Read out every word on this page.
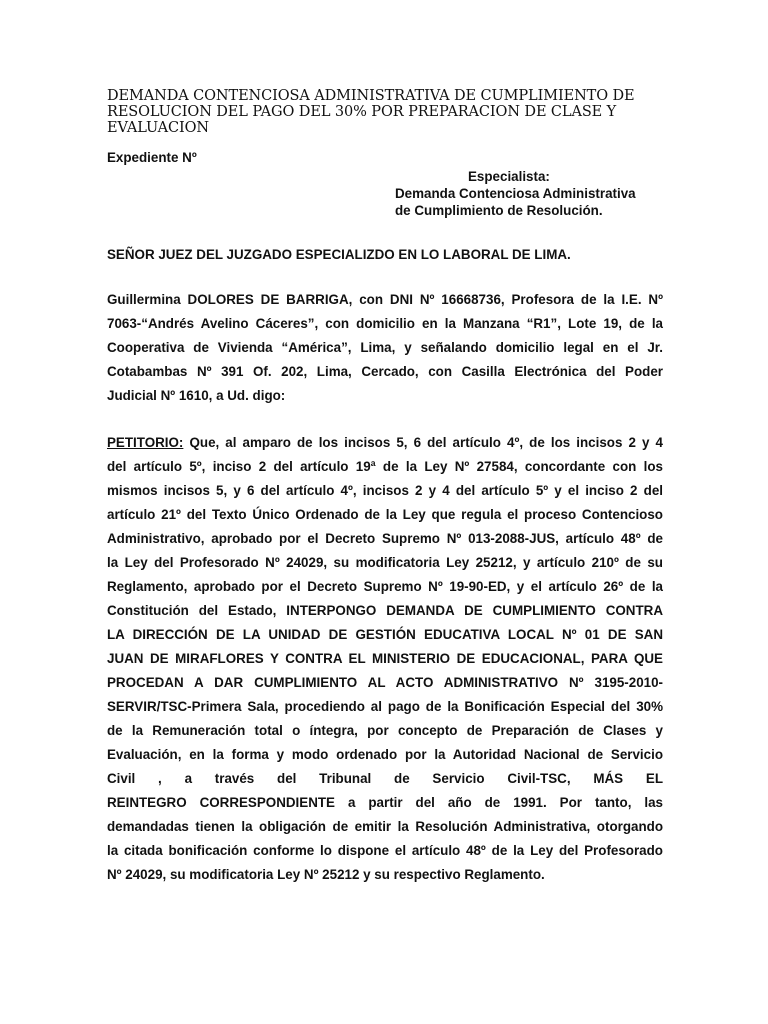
DEMANDA CONTENCIOSA ADMINISTRATIVA DE CUMPLIMIENTO DE
RESOLUCION DEL PAGO DEL 30% POR PREPARACION DE CLASE Y
EVALUACION

Expediente Nº

Especialista:
Demanda Contenciosa Administrativa
de Cumplimiento de Resolución.

SEÑOR JUEZ DEL JUZGADO ESPECIALIZDO EN LO LABORAL DE LIMA.

Guillermina DOLORES DE BARRIGA, con DNI Nº 16668736, Profesora de la I.E. Nº
7063-“Andrés Avelino Cáceres”, con domicilio en la Manzana “R1”, Lote 19, de la
Cooperativa de Vivienda “América”, Lima, y señalando domicilio legal en el Jr.
Cotabambas Nº 391 Of. 202, Lima, Cercado, con Casilla Electrónica del Poder
Judicial Nº 1610, a Ud. digo:
PETITORIO: Que, al amparo de los incisos 5, 6 del artículo 4º, de los incisos 2 y 4
del artículo 5º, inciso 2 del artículo 19ª de la Ley Nº 27584, concordante con los
mismos incisos 5, y 6 del artículo 4º, incisos 2 y 4 del artículo 5º y el inciso 2 del
artículo 21º del Texto Único Ordenado de la Ley que regula el proceso Contencioso
Administrativo, aprobado por el Decreto Supremo Nº 013-2088-JUS, artículo 48º de
la Ley del Profesorado Nº 24029, su modificatoria Ley 25212, y artículo 210º de su
Reglamento, aprobado por el Decreto Supremo Nº 19-90-ED, y el artículo 26º de la
Constitución del Estado, INTERPONGO DEMANDA DE CUMPLIMIENTO CONTRA
LA DIRECCIÓN DE LA UNIDAD DE GESTIÓN EDUCATIVA LOCAL Nº 01 DE SAN
JUAN DE MIRAFLORES Y CONTRA EL MINISTERIO DE EDUCACIONAL, PARA QUE
PROCEDAN A DAR CUMPLIMIENTO AL ACTO ADMINISTRATIVO Nº 3195-2010-
SERVIR/TSC-Primera Sala, procediendo al pago de la Bonificación Especial del 30%
de la Remuneración total o íntegra, por concepto de Preparación de Clases y
Evaluación, en la forma y modo ordenado por la Autoridad Nacional de Servicio
Civil , a través del Tribunal de Servicio Civil-TSC, MÁS EL
REINTEGRO CORRESPONDIENTE a partir del año de 1991. Por tanto, las
demandadas tienen la obligación de emitir la Resolución Administrativa, otorgando
la citada bonificación conforme lo dispone el artículo 48º de la Ley del Profesorado
Nº 24029, su modificatoria Ley Nº 25212 y su respectivo Reglamento.
